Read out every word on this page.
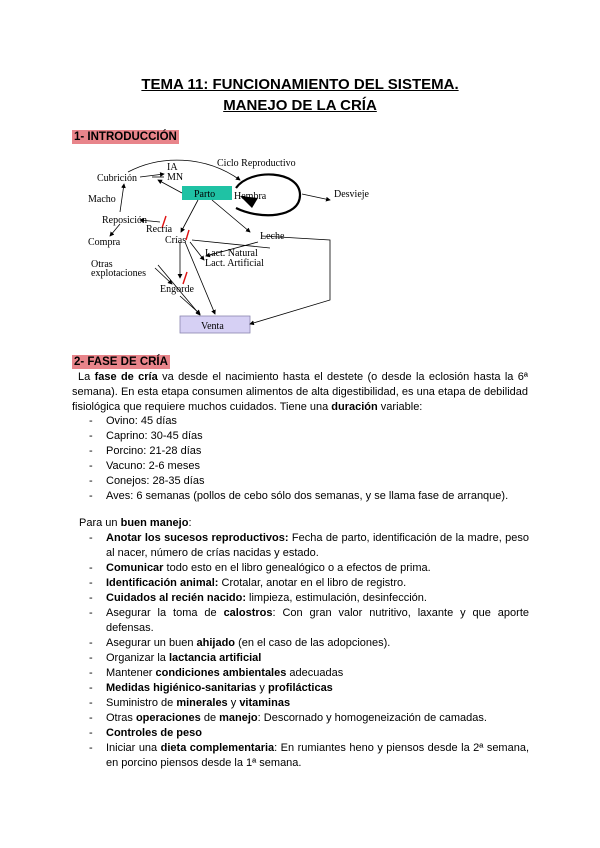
TEMA 11: FUNCIONAMIENTO DEL SISTEMA.
MANEJO DE LA CRÍA
1- INTRODUCCIÓN
IA
MN
Cubrición
Ciclo Reproductivo
Macho	Parto Hembra	Desvieje
Reposición
Recría
Crías
Compra
Leche
Lact. Natural
Lact. Artificial
Otras
explotaciones
Engorde
Venta
2- FASE DE CRÍA
La fase de cría va desde el nacimiento hasta el destete (o desde la eclosión hasta la 6ª semana). En esta etapa consumen alimentos de alta digestibilidad, es una etapa de debilidad fisiológica que requiere muchos cuidados. Tiene una duración variable:
- Ovino: 45 días
- Caprino: 30-45 días
- Porcino: 21-28 días
- Vacuno: 2-6 meses
- Conejos: 28-35 días
- Aves: 6 semanas (pollos de cebo sólo dos semanas, y se llama fase de arranque).
Para un buen manejo:
- Anotar los sucesos reproductivos: Fecha de parto, identificación de la madre, peso al nacer, número de crías nacidas y estado.
- Comunicar todo esto en el libro genealógico o a efectos de prima.
- Identificación animal: Crotalar, anotar en el libro de registro.
- Cuidados al recién nacido: limpieza, estimulación, desinfección.
- Asegurar la toma de calostros: Con gran valor nutritivo, laxante y que aporte defensas.
- Asegurar un buen ahijado (en el caso de las adopciones).
- Organizar la lactancia artificial
- Mantener condiciones ambientales adecuadas
- Medidas higiénico-sanitarias y profilácticas
- Suministro de minerales y vitaminas
- Otras operaciones de manejo: Descornado y homogeneización de camadas.
- Controles de peso
- Iniciar una dieta complementaria: En rumiantes heno y piensos desde la 2ª semana, en porcino piensos desde la 1ª semana.
